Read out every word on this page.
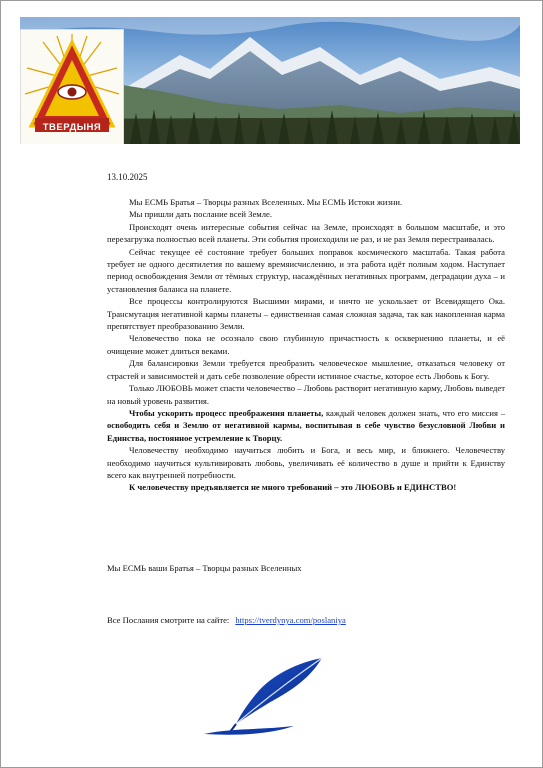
ТВЕРДЫНЯ
13.10.2025

Мы ЕСМЬ Братья – Творцы разных Вселенных. Мы ЕСМЬ Истоки жизни.

Мы пришли дать послание всей Земле.

Происходят очень интересные события сейчас на Земле, происходят в большом масштабе, и это перезагрузка полностью всей планеты. Эти события происходили не раз, и не раз Земля перестраивалась.

Сейчас текущее её состояние требует больших поправок космического масштаба. Такая работа требует не одного десятилетия по вашему времяисчислению, и эта работа идёт полным ходом. Наступает период освобождения Земли от тёмных структур, насаждённых негативных программ, деградации духа – и установления баланса на планете.

Все процессы контролируются Высшими мирами, и ничто не ускользает от Всевидящего Ока. Трансмутация негативной кармы планеты – единственная самая сложная задача, так как накопленная карма препятствует преобразованию Земли.

Человечество пока не осознало свою глубинную причастность к осквернению планеты, и её очищение может длиться веками.

Для балансировки Земли требуется преобразить человеческое мышление, отказаться человеку от страстей и зависимостей и дать себе позволение обрести истинное счастье, которое есть Любовь к Богу.

Только ЛЮБОВЬ может спасти человечество – Любовь растворит негативную карму, Любовь выведет на новый уровень развития.

Чтобы ускорить процесс преображения планеты, каждый человек должен знать, что его миссия – освободить себя и Землю от негативной кармы, воспитывая в себе чувство безусловной Любви и Единства, постоянное устремление к Творцу.

Человечеству необходимо научиться любить и Бога, и весь мир, и ближнего. Человечеству необходимо научиться культивировать любовь, увеличивать её количество в душе и прийти к Единству всего как внутренней потребности.

К человечеству предъявляется не много требований – это ЛЮБОВЬ и ЕДИНСТВО!

Мы ЕСМЬ ваши Братья – Творцы разных Вселенных
Все Послания смотрите на сайте: https://tverdynya.com/poslaniya
